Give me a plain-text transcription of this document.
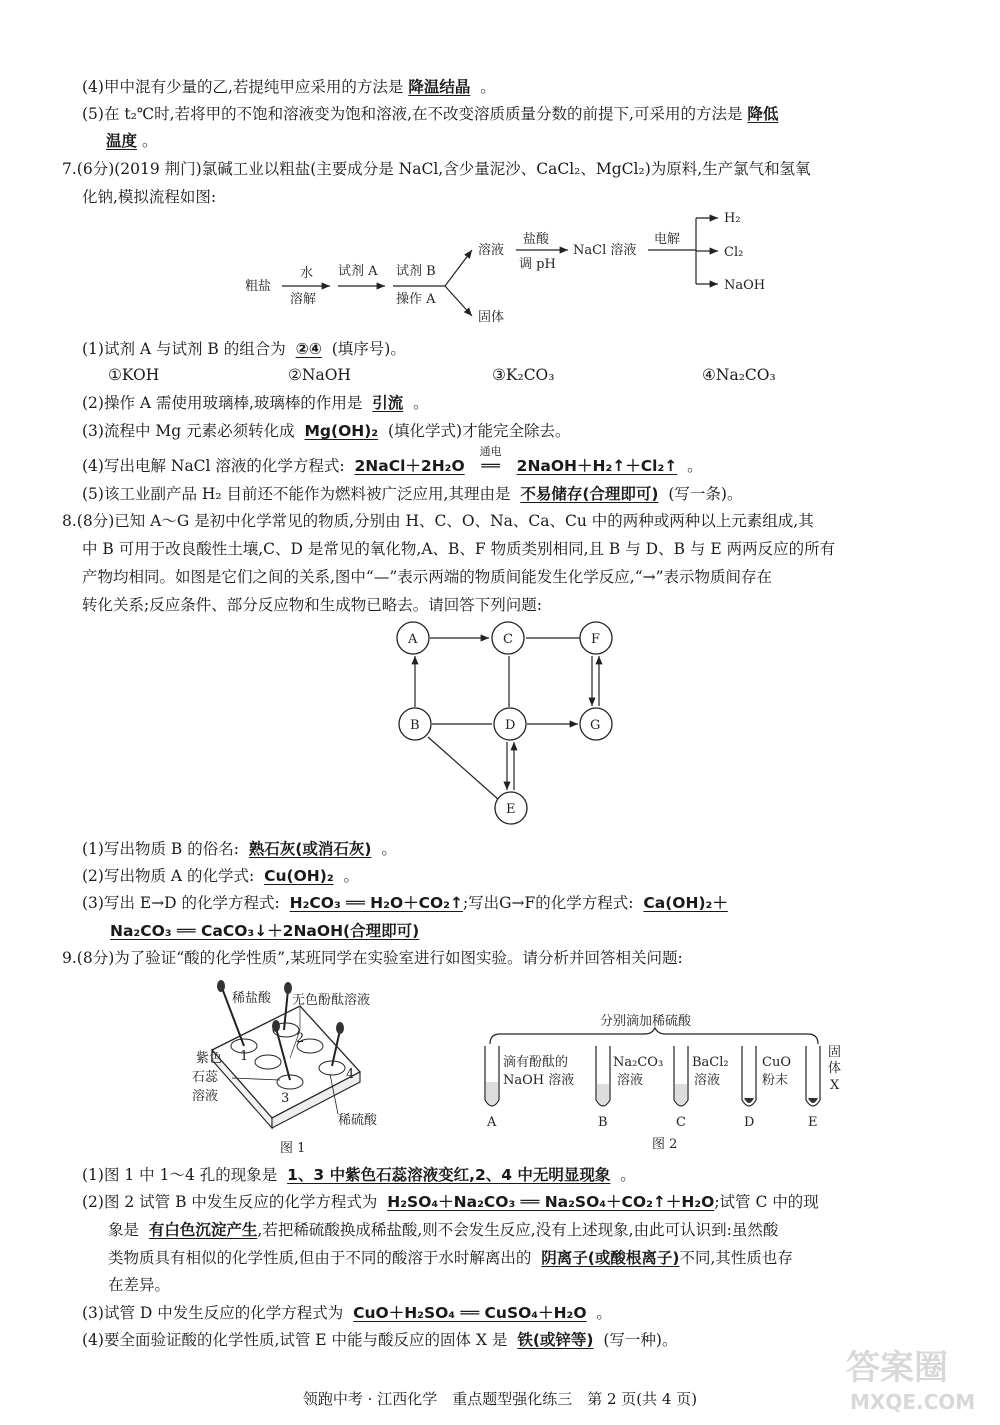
(4)甲中混有少量的乙,若提纯甲应采用的方法是 降温结晶 。
(5)在 t₂℃时,若将甲的不饱和溶液变为饱和溶液,在不改变溶质质量分数的前提下,可采用的方法是 降低
温度 。
7.(6分)(2019 荆门)氯碱工业以粗盐(主要成分是 NaCl,含少量泥沙、CaCl₂、MgCl₂)为原料,生产氯气和氢氧
化钠,模拟流程如图:
粗盐
水
溶解
试剂 A 试剂 B
操作 A
溶液
固体
盐酸
调 pH
NaCl 溶液
电解
H₂
Cl₂
NaOH
(1)试剂 A 与试剂 B 的组合为 ②④ (填序号)。
①KOH	②NaOH	③K₂CO₃	④Na₂CO₃
(2)操作 A 需使用玻璃棒,玻璃棒的作用是 引流 。
(3)流程中 Mg 元素必须转化成 Mg(OH)₂ (填化学式)才能完全除去。
(4)写出电解 NaCl 溶液的化学方程式: 2NaCl＋2H₂O
通电
══ 2NaOH＋H₂↑＋Cl₂↑ 。
(5)该工业副产品 H₂ 目前还不能作为燃料被广泛应用,其理由是 不易储存(合理即可) (写一条)。
8.(8分)已知 A～G 是初中化学常见的物质,分别由 H、C、O、Na、Ca、Cu 中的两种或两种以上元素组成,其
中 B 可用于改良酸性土壤,C、D 是常见的氧化物,A、B、F 物质类别相同,且 B 与 D、B 与 E 两两反应的所有
产物均相同。如图是它们之间的关系,图中“—”表示两端的物质间能发生化学反应,“→”表示物质间存在
转化关系;反应条件、部分反应物和生成物已略去。请回答下列问题:
A	C	F
B	D	G
E
(1)写出物质 B 的俗名: 熟石灰(或消石灰) 。
(2)写出物质 A 的化学式: Cu(OH)₂ 。
(3)写出 E→D 的化学方程式: H₂CO₃ ══ H₂O＋CO₂↑;写出G→F的化学方程式: Ca(OH)₂＋
Na₂CO₃ ══ CaCO₃↓＋2NaOH(合理即可)
9.(8分)为了验证“酸的化学性质”,某班同学在实验室进行如图实验。请分析并回答相关问题:
稀盐酸 无色酚酞溶液
紫色
石蕊
溶液
稀硫酸
1
2
3
4
图 1
分别滴加稀硫酸
滴有酚酞的
NaOH 溶液
Na₂CO₃
溶液
BaCl₂
溶液
CuO
粉末
固
体
X
A	B	C	D	E
图 2
(1)图 1 中 1～4 孔的现象是 1、3 中紫色石蕊溶液变红,2、4 中无明显现象 。
(2)图 2 试管 B 中发生反应的化学方程式为 H₂SO₄＋Na₂CO₃ ══ Na₂SO₄＋CO₂↑＋H₂O;试管 C 中的现
象是 有白色沉淀产生,若把稀硫酸换成稀盐酸,则不会发生反应,没有上述现象,由此可认识到:虽然酸
类物质具有相似的化学性质,但由于不同的酸溶于水时解离出的 阴离子(或酸根离子)不同,其性质也存
在差异。
(3)试管 D 中发生反应的化学方程式为 CuO＋H₂SO₄ ══ CuSO₄＋H₂O 。
(4)要全面验证酸的化学性质,试管 E 中能与酸反应的固体 X 是 铁(或锌等) (写一种)。
领跑中考 · 江西化学　重点题型强化练三　第 2 页(共 4 页)
答案圈
MXQE.COM
